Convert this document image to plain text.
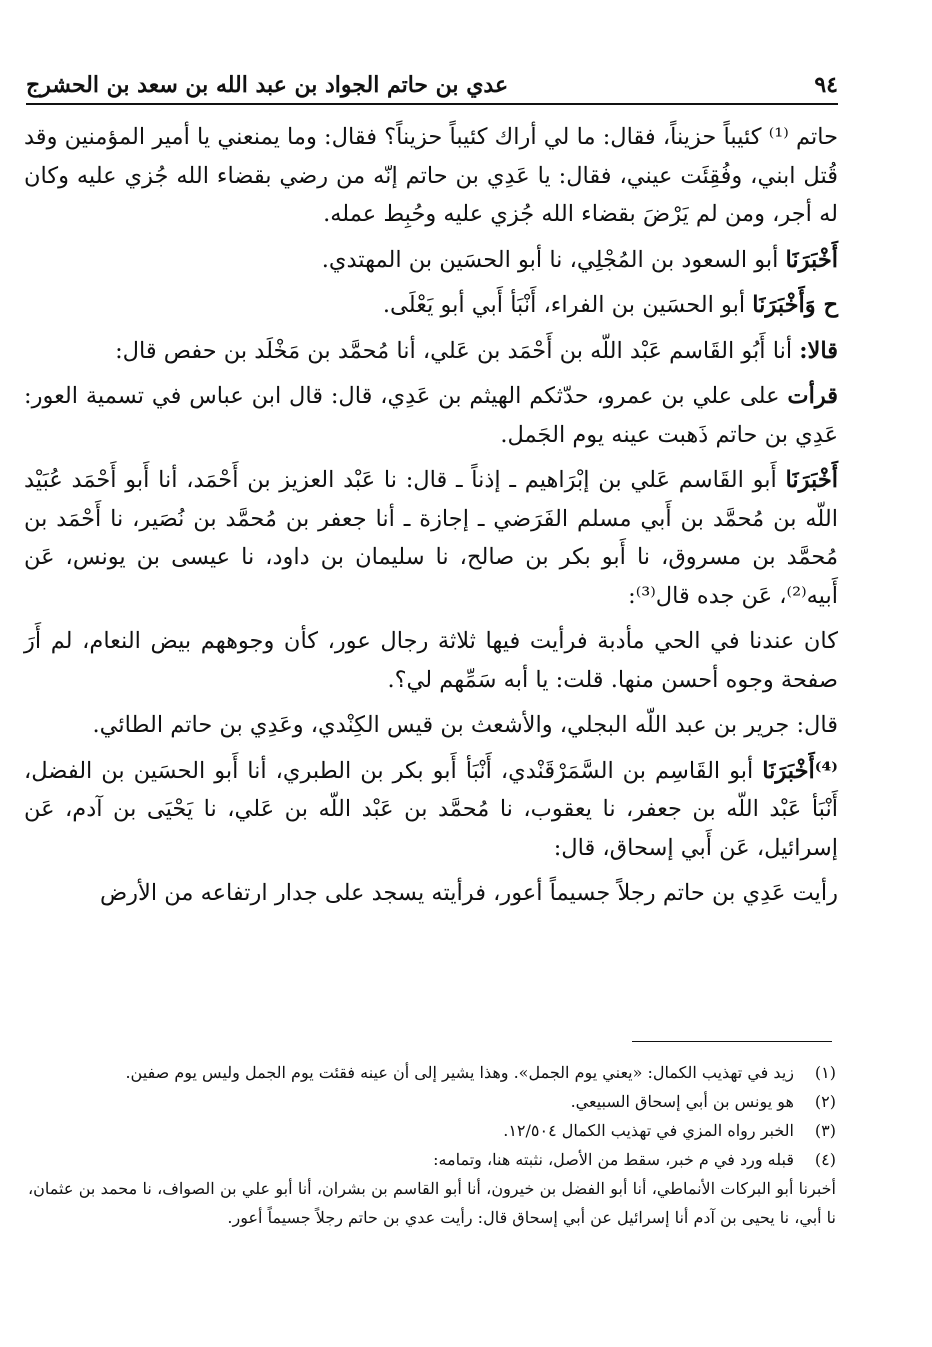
٩٤
عدي بن حاتم الجواد بن عبد الله بن سعد بن الحشرج

حاتم ⁽¹⁾ كئيباً حزيناً، فقال: ما لي أراك كئيباً حزيناً؟ فقال: وما يمنعني يا أمير المؤمنين وقد قُتل ابني، وفُقِئَت عيني، فقال: يا عَدِي بن حاتم إنّه من رضي بقضاء الله جُزي عليه وكان له أجر، ومن لم يَرْضَ بقضاء الله جُزي عليه وحُبِط عمله.

أَخْبَرَنَا أبو السعود بن المُجْلِي، نا أبو الحسَين بن المهتدي.

ح وَأَخْبَرَنَا أبو الحسَين بن الفراء، أَنْبَأ أَبي أبو يَعْلَى.

قالا: أنا أَبُو القَاسم عَبْد اللّه بن أَحْمَد بن عَلي، أنا مُحمَّد بن مَخْلَد بن حفص قال:

قرأت على علي بن عمرو، حدّثكم الهيثم بن عَدِي، قال: قال ابن عباس في تسمية العور: عَدِي بن حاتم ذَهبت عينه يوم الجَمل.

أَخْبَرَنَا أَبو القَاسم عَلي بن إبْرَاهيم ـ إذناً ـ قال: نا عَبْد العزيز بن أَحْمَد، أنا أَبو أَحْمَد عُبَيْد اللّه بن مُحمَّد بن أَبي مسلم الفَرَضي ـ إجازة ـ أنا جعفر بن مُحمَّد بن نُصَير، نا أَحْمَد بن مُحمَّد بن مسروق، نا أَبو بكر بن صالح، نا سليمان بن داود، نا عيسى بن يونس، عَن أَبيه⁽²⁾، عَن جده قال⁽³⁾:

كان عندنا في الحي مأدبة فرأيت فيها ثلاثة رجال عور، كأن وجوههم بيض النعام، لم أَرَ صفحة وجوه أحسن منها. قلت: يا أبه سَمِّهم لي؟.

قال: جرير بن عبد اللّه البجلي، والأشعث بن قيس الكِنْدي، وعَدِي بن حاتم الطائي.

⁽⁴⁾أَخْبَرَنَا أبو القَاسِم بن السَّمَرْقَنْدي، أَنْبَأ أَبو بكر بن الطبري، أنا أَبو الحسَين بن الفضل، أَنْبَأ عَبْد اللّه بن جعفر، نا يعقوب، نا مُحمَّد بن عَبْد اللّه بن عَلي، نا يَحْيَى بن آدم، عَن إسرائيل، عَن أَبي إسحاق، قال:

رأيت عَدِي بن حاتم رجلاً جسيماً أعور، فرأيته يسجد على جدار ارتفاعه من الأرض

(١)
زيد في تهذيب الكمال: «يعني يوم الجمل». وهذا يشير إلى أن عينه فقئت يوم الجمل وليس يوم صفين.
(٢)
هو يونس بن أبي إسحاق السبيعي.
(٣)
الخبر رواه المزي في تهذيب الكمال ١٢/٥٠٤.
(٤)
قبله ورد في م خبر، سقط من الأصل، نثبته هنا، وتمامه:
أخبرنا أبو البركات الأنماطي، أنا أبو الفضل بن خيرون، أنا أبو القاسم بن بشران، أنا أبو علي بن الصواف، نا محمد بن عثمان، نا أبي، نا يحيى بن آدم أنا إسرائيل عن أبي إسحاق قال: رأيت عدي بن حاتم رجلاً جسيماً أعور.
